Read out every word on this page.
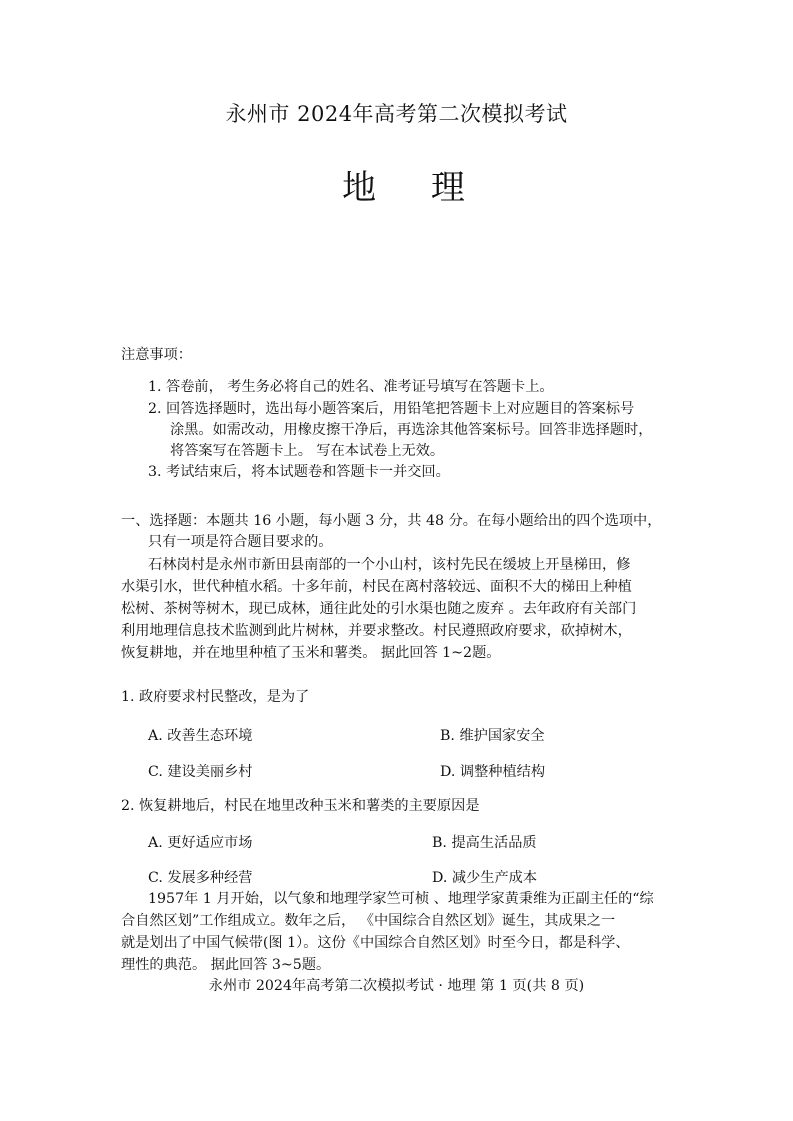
永州市 2024年高考第二次模拟考试
地 理
注意事项：
1. 答卷前， 考生务必将自己的姓名、准考证号填写在答题卡上。
2. 回答选择题时，选出每小题答案后，用铅笔把答题卡上对应题目的答案标号
涂黑。如需改动，用橡皮擦干净后，再选涂其他答案标号。回答非选择题时，
将答案写在答题卡上。 写在本试卷上无效。
3. 考试结束后，将本试题卷和答题卡一并交回。
一、选择题：本题共 16 小题，每小题 3 分，共 48 分。在每小题给出的四个选项中，
只有一项是符合题目要求的。
石林岗村是永州市新田县南部的一个小山村，该村先民在缓坡上开垦梯田，修
水渠引水，世代种植水稻。十多年前，村民在离村落较远、面积不大的梯田上种植
松树、茶树等树木，现已成林，通往此处的引水渠也随之废弃 。去年政府有关部门
利用地理信息技术监测到此片树林，并要求整改。村民遵照政府要求，砍掉树木，
恢复耕地，并在地里种植了玉米和薯类。 据此回答 1~2题。
1. 政府要求村民整改，是为了
A. 改善生态环境	B. 维护国家安全
C. 建设美丽乡村	D. 调整种植结构
2. 恢复耕地后，村民在地里改种玉米和薯类的主要原因是
A. 更好适应市场	B. 提高生活品质
C. 发展多种经营	D. 减少生产成本
1957年 1 月开始，以气象和地理学家竺可桢 、地理学家黄秉维为正副主任的“综
合自然区划”工作组成立。数年之后， 《中国综合自然区划》诞生，其成果之一
就是划出了中国气候带(图 1）。这份《中国综合自然区划》时至今日，都是科学、
理性的典范。 据此回答 3~5题。
永州市 2024年高考第二次模拟考试 · 地理 第 1 页(共 8 页)
